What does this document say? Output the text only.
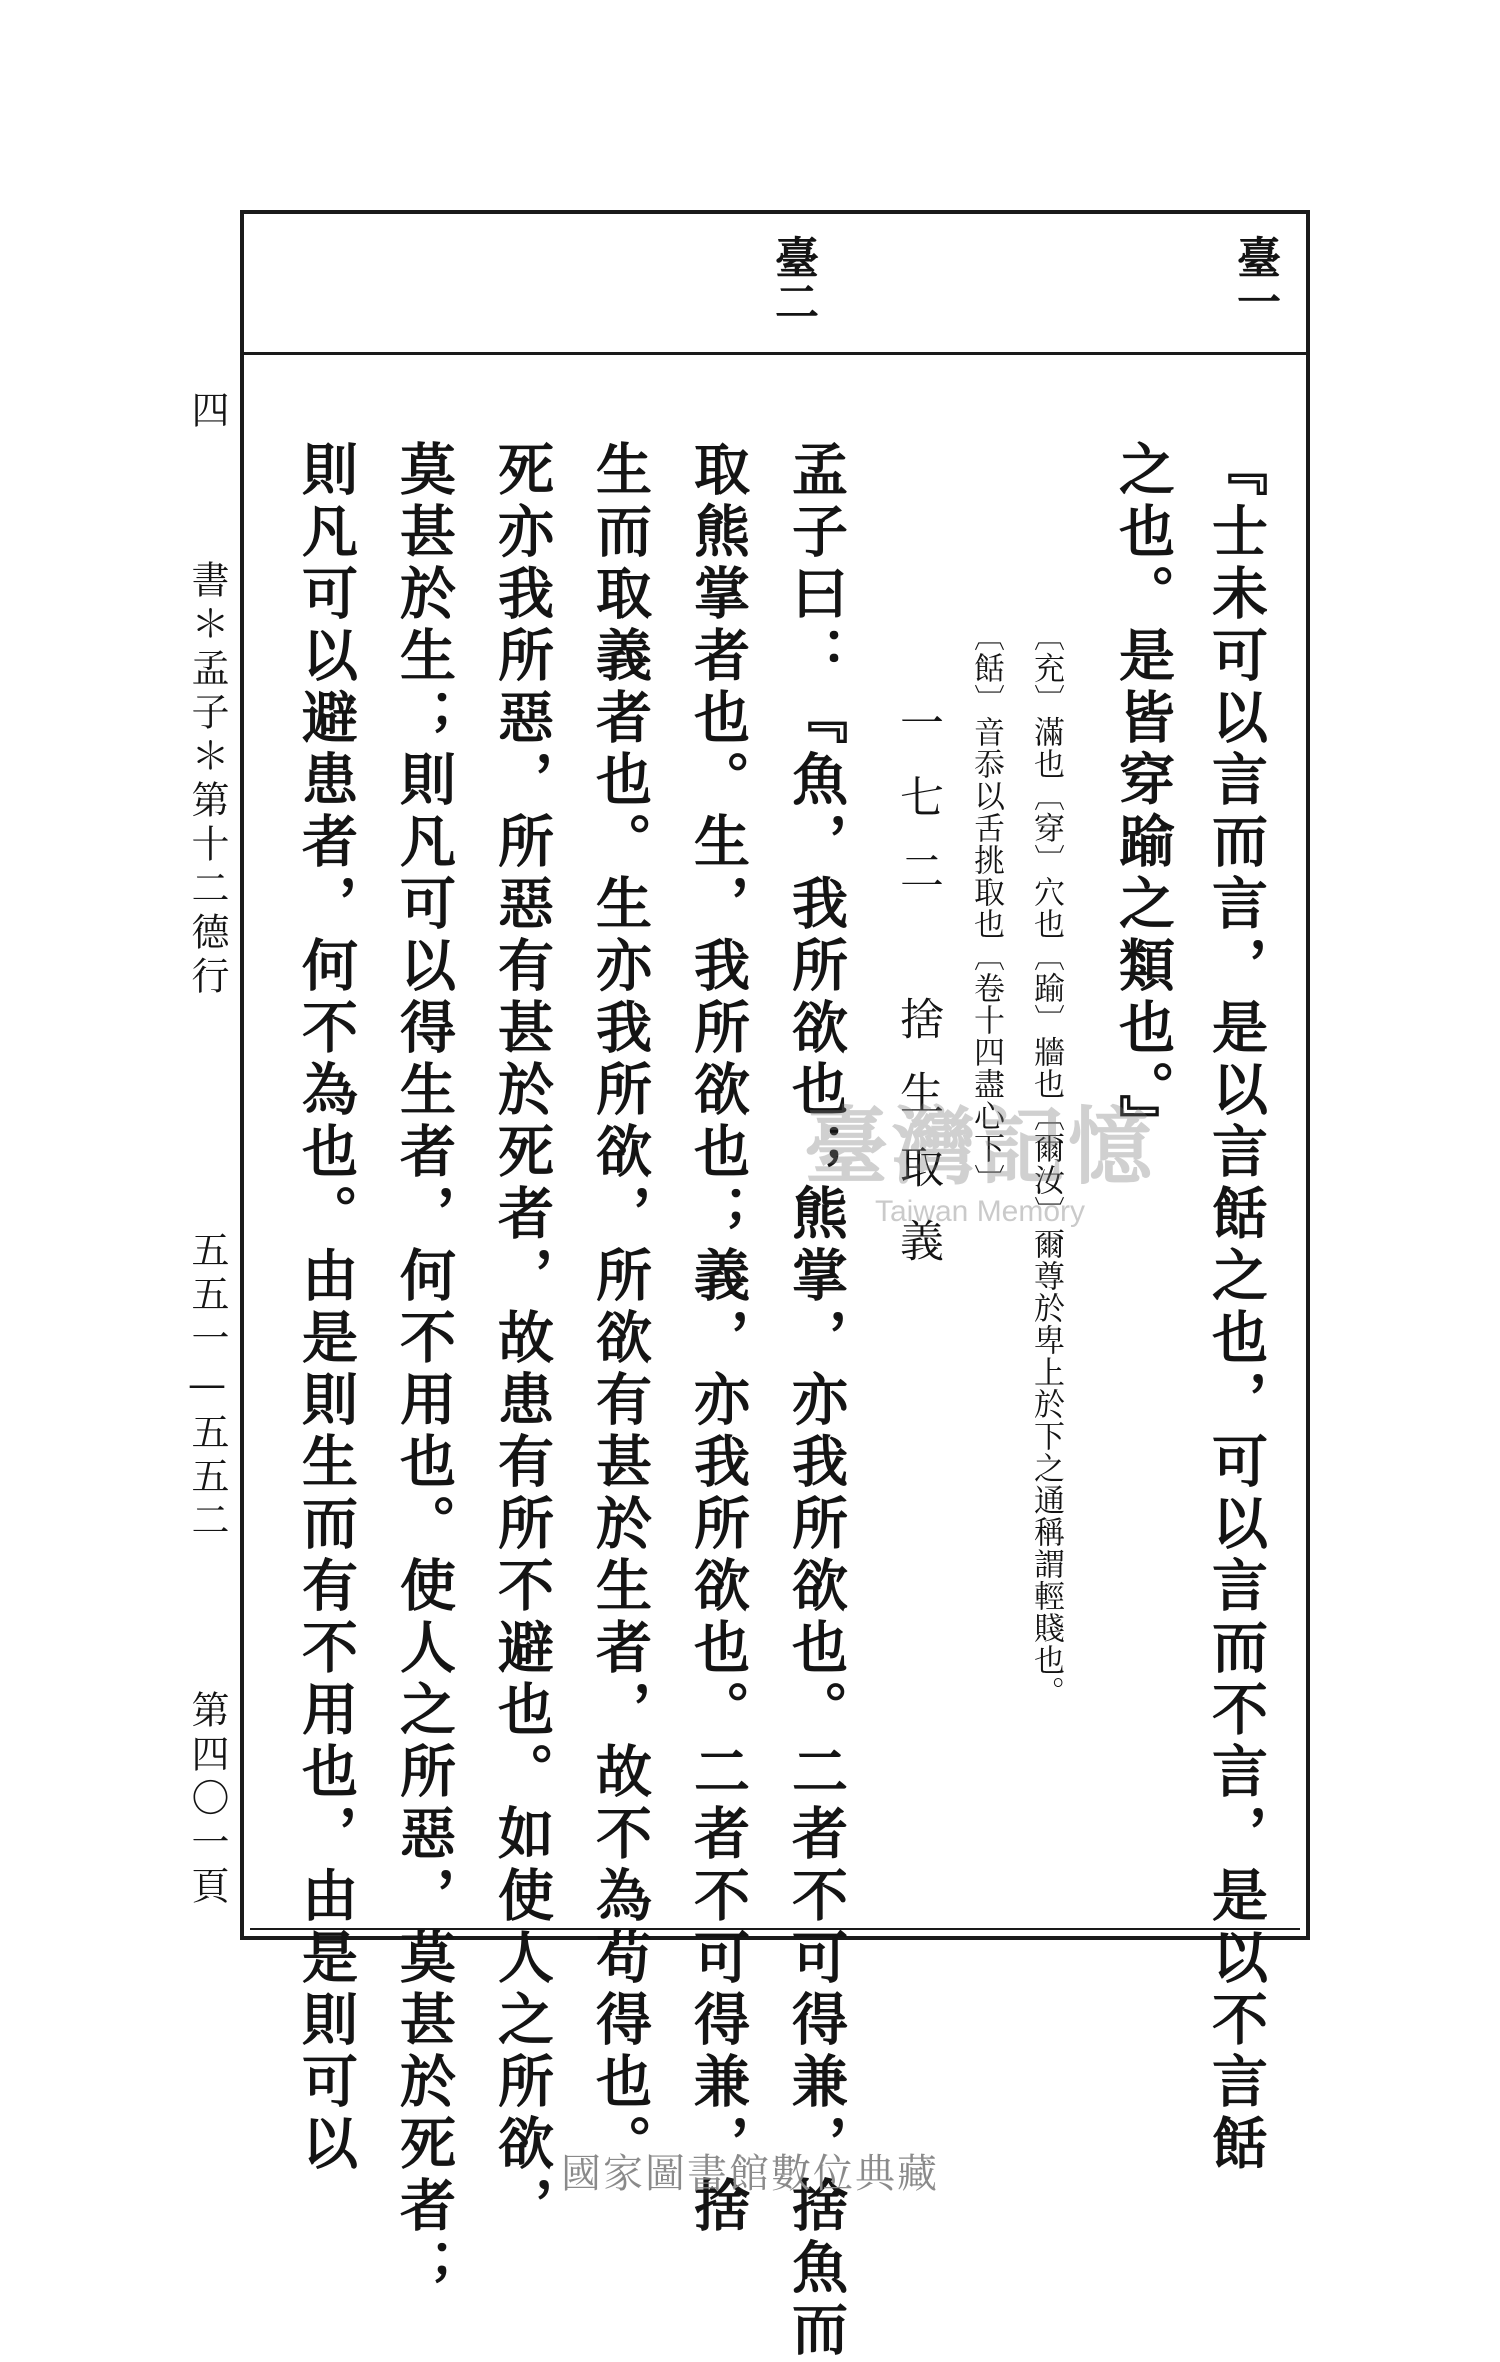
臺一
臺二
『士未可以言而言，是以言餂之也，可以言而不言，是以不言餂
之也。是皆穿踰之類也。』
〔充〕滿也〔穿〕穴也〔踰〕牆也〔爾汝〕爾尊於卑上於下之通稱謂輕賤也。
〔餂〕音忝以舌挑取也〔卷十四盡心下〕
一七二　捨生取義
孟子曰：『魚，我所欲也；熊掌，亦我所欲也。二者不可得兼，捨魚而
取熊掌者也。生，我所欲也；義，亦我所欲也。二者不可得兼，捨
生而取義者也。生亦我所欲，所欲有甚於生者，故不為苟得也。
死亦我所惡，所惡有甚於死者，故患有所不避也。如使人之所欲，
莫甚於生；則凡可以得生者，何不用也。使人之所惡，莫甚於死者；
則凡可以避患者，何不為也。由是則生而有不用也，由是則可以
四
書＊孟子＊第十二德行
五五一—五五二
第四〇一頁
臺灣記憶
Taiwan Memory
國家圖書館數位典藏
